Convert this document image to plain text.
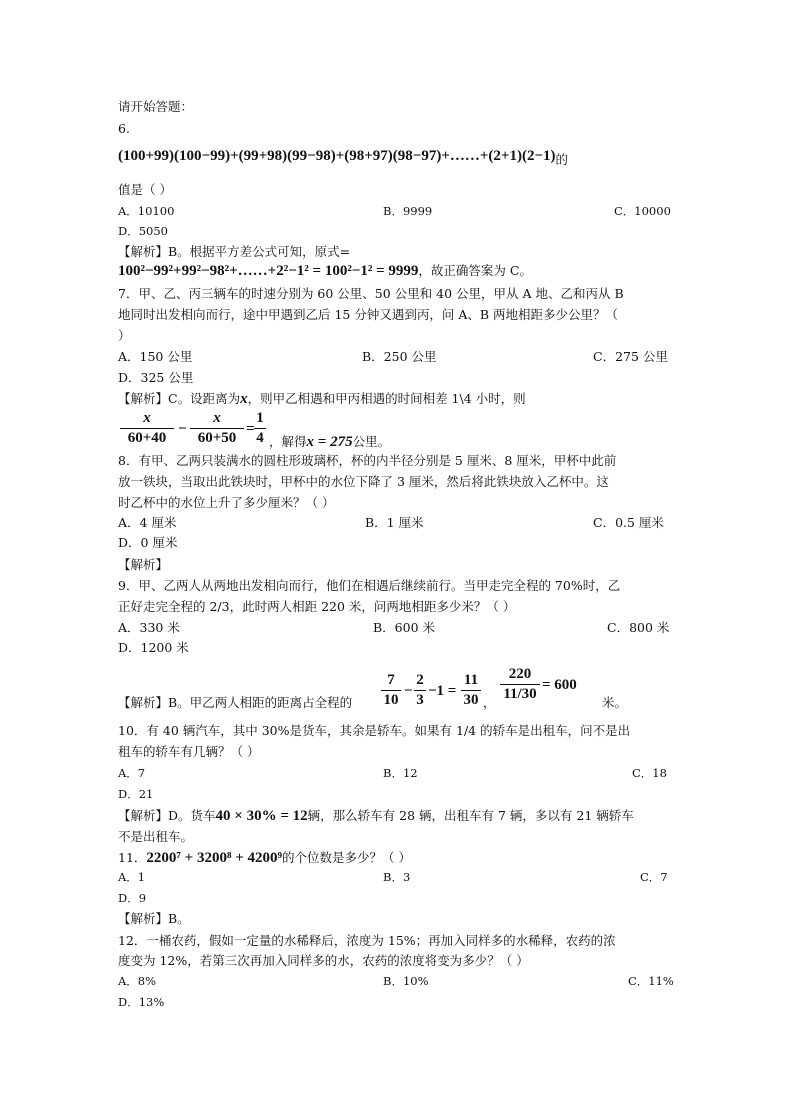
请开始答题：
6.
$(100+99)(100-99)+(99+98)(99-98)+(98+97)(98-97)+\dots\dots+(2+1)(2-1)_的$
值是（ ）
A．10100	B．9999	C．10000
D．5050
【解析】B。根据平方差公式可知，原式=
100²−99²+99²−98²+……+2²−1² = 100²−1² = 9999，故正确答案为 C。
7．甲、乙、丙三辆车的时速分别为 60 公里、50 公里和 40 公里，甲从 A 地、乙和丙从 B
地同时出发相向而行，途中甲遇到乙后 15 分钟又遇到丙，问 A、B 两地相距多少公里？（
）
A．150 公里	B．250 公里	C．275 公里
D．325 公里
【解析】C。设距离为x，则甲乙相遇和甲丙相遇的时间相差 1\4 小时，则
x
60+40
−
x
60+50
=
1
4 ，解得x = 275公里。
8．有甲、乙两只装满水的圆柱形玻璃杯，杯的内半径分别是 5 厘米、8 厘米，甲杯中此前
放一铁块，当取出此铁块时，甲杯中的水位下降了 3 厘米，然后将此铁块放入乙杯中。这
时乙杯中的水位上升了多少厘米？（ ）
A．4 厘米	B．1 厘米	C．0.5 厘米
D．0 厘米
【解析】
9．甲、乙两人从两地出发相向而行，他们在相遇后继续前行。当甲走完全程的 70%时，乙
正好走完全程的 2/3，此时两人相距 220 米，问两地相距多少米？（ ）
A．330 米	B．600 米	C．800 米
D．1200 米
【解析】B。甲乙两人相距的距离占全程的
7
10
−
2
3
−1 =
11
30 ，
220
11/30
= 600
米。
10．有 40 辆汽车，其中 30%是货车，其余是轿车。如果有 1/4 的轿车是出租车，问不是出
租车的轿车有几辆？（ ）
A．7	B．12	C．18
D．21
【解析】D。货车40 × 30% = 12辆，那么轿车有 28 辆，出租车有 7 辆，多以有 21 辆轿车
不是出租车。
11．2200⁷ + 3200⁸ + 4200⁹的个位数是多少？（ ）
A．1	B．3	C．7
D．9
【解析】B。
12．一桶农药，假如一定量的水稀释后，浓度为 15%；再加入同样多的水稀释，农药的浓
度变为 12%，若第三次再加入同样多的水，农药的浓度将变为多少？（ ）
A．8%	B．10%	C．11%
D．13%
